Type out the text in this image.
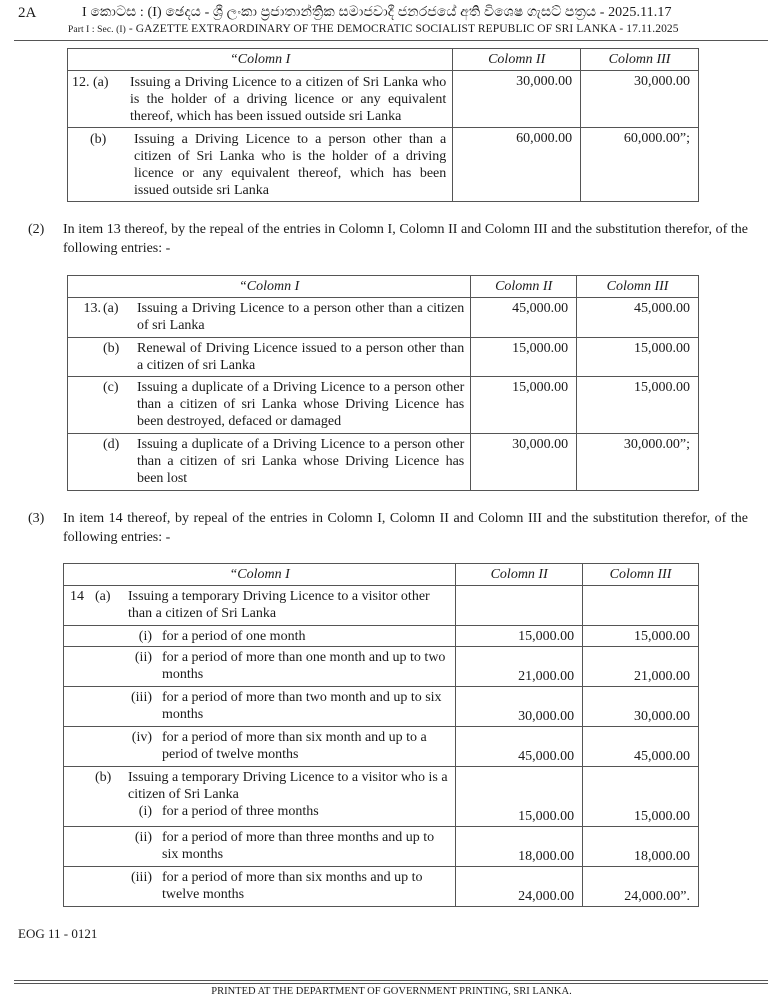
2A	I කොටස : (I) ඡෙදය - ශ්‍රී ලංකා ප්‍රජාතාන්ත්‍රික සමාජවාදී ජනරජයේ අති විශෙෂ ගැසට් පත්‍රය - 2025.11.17
Part I : Sec. (I) - GAZETTE EXTRAORDINARY OF THE DEMOCRATIC SOCIALIST REPUBLIC OF SRI LANKA - 17.11.2025
“Colomn I	Colomn II	Colomn III

12. (a) Issuing a Driving Licence to a citizen of Sri Lanka who is the holder of a driving licence or any equivalent thereof, which has been issued outside sri Lanka	30,000.00	30,000.00

(b) Issuing a Driving Licence to a person other than a citizen of Sri Lanka who is the holder of a driving licence or any equivalent thereof, which has been issued outside sri Lanka	60,000.00	60,000.00”;
(2) In item 13 thereof, by the repeal of the entries in Colomn I, Colomn II and Colomn III and the substitution therefor, of the following entries: -
“Colomn I	Colomn II	Colomn III

13. (a) Issuing a Driving Licence to a person other than a citizen of sri Lanka	45,000.00	45,000.00

(b) Renewal of Driving Licence issued to a person other than a citizen of sri Lanka	15,000.00	15,000.00

(c) Issuing a duplicate of a Driving Licence to a person other than a citizen of sri Lanka whose Driving Licence has been destroyed, defaced or damaged	15,000.00	15,000.00

(d) Issuing a duplicate of a Driving Licence to a person other than a citizen of sri Lanka whose Driving Licence has been lost	30,000.00	30,000.00”;
(3) In item 14 thereof, by repeal of the entries in Colomn I, Colomn II and Colomn III and the substitution therefor, of the following entries: -
“Colomn I	Colomn II	Colomn III

14 (a) Issuing a temporary Driving Licence to a visitor other than a citizen of Sri Lanka		

(i) for a period of one month	15,000.00	15,000.00

(ii) for a period of more than one month and up to two months	21,000.00	21,000.00

(iii) for a period of more than two month and up to six months	30,000.00	30,000.00

(iv) for a period of more than six month and up to a period of twelve months	45,000.00	45,000.00

(b) Issuing a temporary Driving Licence to a visitor who is a citizen of Sri Lanka
(i) for a period of three months	15,000.00	15,000.00

(ii) for a period of more than three months and up to six months	18,000.00	18,000.00

(iii) for a period of more than six months and up to twelve months	24,000.00	24,000.00”.
EOG 11 - 0121
PRINTED AT THE DEPARTMENT OF GOVERNMENT PRINTING, SRI LANKA.
